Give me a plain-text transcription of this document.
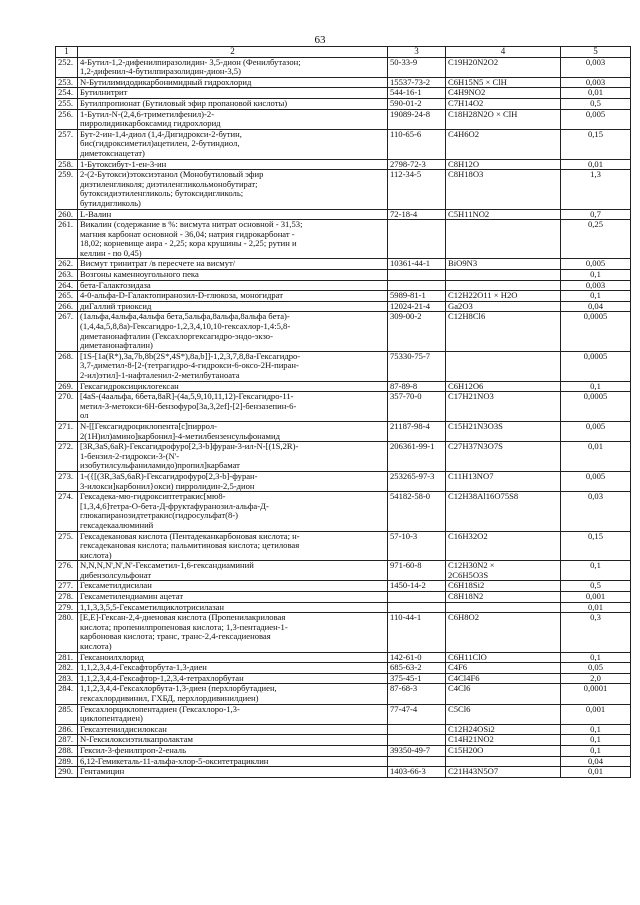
63
1	2	3	4	5
252.	4-Бутил-1,2-дифенилпиразолидин- 3,5-дион (Фенилбутазон;
1,2-дифенил-4-бутилпиразолидин-дион-3,5)	50-33-9	C19H20N2O2	0,003
253.	N-Бутилимидодикарбонимидный гидрохлорид	15537-73-2	C6H15N5 × ClH	0,003
254.	Бутилнитрит	544-16-1	C4H9NO2	0,01
255.	Бутилпропионат (Бутиловый эфир пропановой кислоты)	590-01-2	C7H14O2	0,5
256.	1-Бутил-N-(2,4,6-триметилфенил)-2-
пирролидинкарбоксамид гидрохлорид	19089-24-8	C18H28N2O × ClH	0,005
257.	Бут-2-ин-1,4-диол (1,4-Дигидрокси-2-бутин,
бис(гидроксиметил)ацетилен, 2-бутиндиол,
диметоксиацетат)	110-65-6	C4H6O2	0,15
258.	1-Бутоксибут-1-ен-3-ин	2798-72-3	C8H12O	0,01
259.	2-(2-Бутокси)этоксиэтанол (Монобутиловый эфир
диэтиленгликоля; диэтиленгликольмонобутират;
бутоксидиэтиленгликоль; бутоксидигликоль;
бутилдигликоль)	112-34-5	C8H18O3	1,3
260.	L-Валин	72-18-4	C5H11NO2	0,7
261.	Викалин (содержание в %: висмута нитрат основной - 31,53;
магния карбонат основной - 36,04; натрия гидрокарбонат -
18,02; корневище аира - 2,25; кора крушины - 2,25; рутин и
келлин - по 0,45)			0,25
262.	Висмут тринитрат /в пересчете на висмут/	10361-44-1	BiO9N3	0,005
263.	Возгоны каменноугольного пека			0,1
264.	бета-Галактозидаза			0,003
265.	4-0-альфа-D-Галактопиранозил-D-глюкоза, моногидрат	5989-81-1	C12H22O11 × H2O	0,1
266.	диГаллий триоксид	12024-21-4	Ga2O3	0,04
267.	(1альфа,4альфа,4альфа бета,5альфа,8альфа,8альфа бета)-
(1,4,4а,5,8,8а)-Гексагидро-1,2,3,4,10,10-гексахлор-1,4:5,8-
диметанонафталин (Гексахлоргексагидро-эндо-экзо-
диметанонафталин)	309-00-2	C12H8Cl6	0,0005
268.	[1S-[1а(R*),3а,7b,8b(2S*,4S*),8а,b]]-1,2,3,7,8,8а-Гексагидро-
3,7-диметил-8-[2-(тетрагидро-4-гидрокси-6-оксо-2Н-пиран-
2-ил)этил]-1-нафталенил-2-метилбутаноата	75330-75-7		0,0005
269.	Гексагидроксициклогексан	87-89-8	C6H12O6	0,1
270.	[4aS-(4aальфа, 6бета,8aR]-(4а,5,9,10,11,12)-Гексагидро-11-
метил-3-метокси-6Н-бензофуро[3а,3,2ef]-[2]-бензазепин-6-
ол	357-70-0	C17H21NO3	0,0005
271.	N-[[Гексагидроциклопента[с]пиррол-
2(1Н)ил)амино]карбонил]-4-метилбензенсульфонамид	21187-98-4	C15H21N3O3S	0,005
272.	[3R,3aS,6aR)-Гексагидрофуро[2,3-b]фуран-3-ил-N-[(1S,2R)-
1-бензил-2-гидрокси-3-(N'-
изобутилсульфаниламидо)пропил]карбамат	206361-99-1	C27H37N3O7S	0,01
273.	1-({[(3R,3aS,6aR)-Гексагидрофуро[2,3-b]-фуран-
3-илокси]карбонил}окси) пирролидин-2,5-дион	253265-97-3	C11H13NO7	0,005
274.	Гексадека-мю-гидроксиптетракис[мю8-
[1,3,4,6]тетра-О-бета-Д-фруктафуранозил-альфа-Д-
глюкапиранозидтетракис(гидросульфат(8-)
гексадекаалюминий	54182-58-0	C12H38Al16O75S8	0,03
275.	Гексадекановая кислота (Пентадеканкарбоновая кислота; н-
гексадекановая кислота; пальмитиновая кислота; цетиловая
кислота)	57-10-3	C16H32O2	0,15
276.	N,N,N,N',N',N'-Гексаметил-1,6-гександиаминий
дибензолсульфонат	971-60-8	C12H30N2 ×
2C6H5O3S	0,1
277.	Гексаметилдисилан	1450-14-2	C6H18Si2	0,5
278.	Гексаметилендиамин ацетат		C8H18N2	0,001
279.	1,1,3,3,5,5-Гексаметилциклотрисилазан			0,01
280.	[E,E]-Гексан-2,4-диеновая кислота (Пропенилакриловая
кислота; пропенилпропеновая кислота; 1,3-пентадиен-1-
карбоновая кислота; транс, транс-2,4-гексадиеновая
кислота)	110-44-1	C6H8O2	0,3
281.	Гексаноилхлорид	142-61-0	C6H11ClO	0,1
282.	1,1,2,3,4,4-Гексафторбута-1,3-диен	685-63-2	C4F6	0,05
283.	1,1,2,3,4,4-Гексафтор-1,2,3,4-тетрахлорбутан	375-45-1	C4Cl4F6	2,0
284.	1,1,2,3,4,4-Гексахлорбута-1,3-диен (перхлорбутадиен,
гексахлордивинил, ГХБД, перхлордивинилдиен)	87-68-3	C4Cl6	0,0001
285.	Гексахлорциклопентадиен (Гексахлоро-1,3-
циклопентадиен)	77-47-4	C5Cl6	0,001
286.	Гексаэтенилдисилоксан		C12H24OSi2	0,1
287.	N-Гексилоксиэтилкапролактам		C14H21NO2	0,1
288.	Гексил-3-фенилпроп-2-еналь	39350-49-7	C15H20O	0,1
289.	6,12-Гемикеталь-11-альфа-хлор-5-окситетрациклин			0,04
290.	Гентамицин	1403-66-3	C21H43N5O7	0,01
